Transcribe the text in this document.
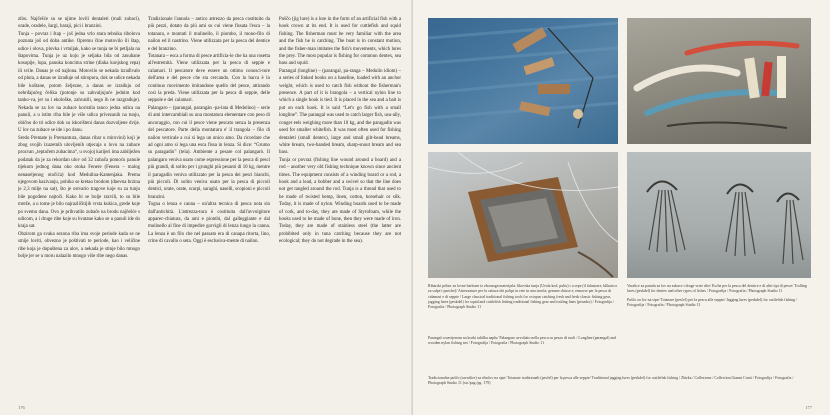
zibu. Najčešće su se njime lovili dentaleti (mali zubaci), orade, oradele, šargi, baraji, pici i branzini.

Tunja – povraz i štap – još jedna vrlo stara tehnika ribolova poznata još od doba antike. Opremu čine motovilo ili štap, udice i olova, plovka i vrtuljak, kako se tunja ne bi petljala na štapovima. Tunja je uz koju je seljaka bila od zasubane kosopije, lupa, panuka koncima strine (dlaka konjskog repa) ili svile. Danas je od najlona. Motovilo se nekada izrađivalo od pluta, a danas se izrađuje od stiropora, dok se udice nekada bile koštane, potom željezne, a danas se izrađuju od nehrđajućeg čelika (potonje su zahvaljujuće jednim kod tanko-va, jer su i ekološke, zahvatili, nego ih ne razgrađuje). Nekada se za lov na zubace koristila tanco jedna udica na panuli, a u istim riba bile je više udica privezanih na tunju, obično do tri udice dok su iskorišteni danas dozvoljene dvije. U lov na zubace se ide i po danu.

Sredo Premate (s Premantura, danas ribar u mirovini) koji je zbog svojih izuzetnih ulovljenih utjecaja u lovu na zubace prozvan „teptačem zubacima“, u svojoj karijeri ima zabilježen podatak da je za rekordan ulov od 32 zubača pomoću panule tijekom jednog dana oko otoka Fenere (Fenera – malog nenaseljenog otočića) kod Medulina-Kamenjaka. Prema njegovom kazivanju, pohiko se kretao brodom (dnevna brzina je 2,3 milje na sat), što je ostvario tragove koje su za tunju bile pogođene najtoči. Kako bi se bolje razvili, to su bile mreže, a u tome je bilo najrazličitijih vrsta kukica, grede koje po svemu dana. Ovo je prihvatilo zubače na brodu najčešće s udicom, a i druge ribe koje su hvatane kako se u panuli ide do kraja sat.

Obzirom ga svaka sezona riba ima svoje periode kada se ne smije loviti, obvezno je poštivati te periode, kao i veličine ribe koja je dopuštena za ulov, a nekada je stinje bilo mnogo bolje jer se u moru nalazilo mnogo više ribe nego danas.

Tradizionale l'annola – antico attrezzo da pesca costituito da più pezzi, dotato da più ami su cui viene fissata l'esca – la totanara, e montati il mulinello, il piombo, il mono-filo di nailon ed il nastrino. Viene utilizzata per la pesca del dentice e del branzino.

Totanara – esca a forma di pesce artificia-le che ha una rosetta all'estremità. Viene utilizzata per la pesca di seppie e calamari. Il pescatore deve essere un ottimo conosci-tore dell'area e del pesce che sta cercando. Con la barca è in continuo movimento imitandone quello del pesce, attirando così la preda. Viene utilizzata per la pesca di seppie, delle seppole e dei calamari.

Palangaro – (parangal, parangàn -pa-lata di Medolino) – serie di ami intercambiali su una montatura elementare con peso di ancoraggio, con cui il pesce viene pescato senza la presenza del pescatore. Parte della montatura e' il trangola – filo di nailon verticale a cui si lega un unico amo. Da ricordare che ad ogni amo si lega una esca fissa in lenza. Si dice: “Grumo su paragadin” (tela). Ambiente a pesare col palangarò. Il palangaro veniva usato come espressione per la pesca di pesci più grandi, di solito per i grunghi più pesanti di 10 kg, mentre il paragadin veniva utilizzato per la pesca dei pesci bianchi, più piccoli. Di solito veniva usato per la pesca di piccoli dentici, orate, orate, scarpi, saraghi, naselli, scopioni e piccoli branzini.

Togna o lenza e canna – un'altra tecnica di pesca nota sin dall'antichità. L'attrezza-tura è costituita dall'avvolgitore apparec-chiatura, da ami e piombi, dal galleggiante e dal mulinello al fine di impedire gorvigli di lenza lungo la canna. La lenza è un filo che nel passato era di canapa ritorta, lino, crine di cavallo o seta. Oggi è esclusiva-mente di nailon.

Puščo (jig lure) is a lure in the form of an artificial fish with a hook crown at its end. It is used for cuttlefish and squid fishing. The fisherman must be very familiar with the area and the fish he is catching. The boat is in constant motion, and the fisher-man imitates the fish's movements, which lures the prey. The most popular is fishing for common dentex, sea bass and squid.

Parangal (longline) – (parangal, pa-ranga – Medulin idiom) – a series of linked hooks on a baseline, loaded with an anchor weight, which is used to catch fish without the fisherman's presence. A part of it is brangola – a vertical nylon line to which a single hook is tied. It is placed in the sea and a bait is put on each hook. It is said “Let's go fish with a small longline”. The parangal was used to catch larger fish, usu-ally, conger eels weighing more than 10 kg, and the paragadin was used for smaller whitefish. It was most often used for fishing dentaleti (small dentex), large and small gilt-head breams, white bream, two-banded bream, sharp-snout bream and sea bass.

Tunja or povraz (fishing line wound around a board) and a rod – another very old fishing technique known since ancient times. The equipment consists of a winding board or a rod, a hook and a lead, a bobber and a swivel so that the line does not get tangled around the rod. Tunja is a thread that used to be made of twisted hemp, linen, cotton, horsehair or silk. Today, it is made of nylon. Winding boards used to be made of cork, and to-day, they are made of Styrofoam, while the hooks used to be made of bone, then they were made of iron. Today, they are made of stainless steel (the latter are prohibited only in tuna catching because they are not ecological; they do not degrade in the sea).

176	177

Ribarski pribor za lovne barbone iz zbornoga materijala: likovska tunja (Uvala kod, pultu) i u sepe (il falastrare, klikarica za salpe i pariche)/ Attrezzature per la cattura dei polipi in rete in una tavola; gemme chiuse e, remorse per la pesca di calamari e di seppie / Large classical traditional fishing tools for octopus catching fresh and fresh classic fishing gear, jagging lures (peskdel) for squid and cuttlefish fishing traditional fishing gear and trailing lines (pesador) / Fotografija / Fotografia / Photograph Studio 11

Varalice za panulu za lov na zubace i druge vrste ribe/ Esche per la pesca del dentice e di altri tipi di pesce/ Trolling lures (peskdel) for dentex and other types of fishes / Fotografija / Fotografia / Photograph Studio 11

Puščo za lov na sipe/ Totanare (pesčel) per la pesca alle seppie/ Jagging lures (peskdel) for cuttlefish fishing / Fotografija / Fotografia / Photograph Studio 11

Parangal u navijenom na kozki tabilka naplu/ Palangaro avvoltato nella pesca su pezzo di ruoli / Longline (parangal) and wooden nylon fishing net / Fotografija / Fotografia / Photograph Studio 11

Tradicionalne puščo (ravnilice) za ribolov na sipe/ Totanare tradizionali (pesčel) per la pesca alle seppie/ Traditional jagging lures (peskdel) for cuttlefish fishing / Zbirka / Collezione / Collection Gianni Conti / Fotografija / Fotografia / Photograph Studio 11 (str./pag./pg. 179)
